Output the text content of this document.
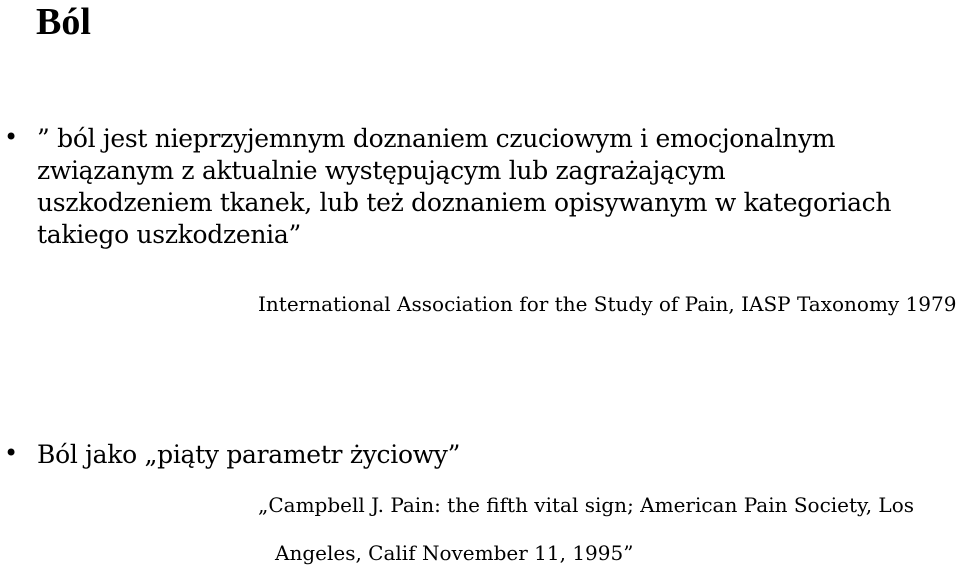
Ból
• ” ból jest nieprzyjemnym doznaniem czuciowym i emocjonalnym

związanym z aktualnie występującym lub zagrażającym

uszkodzeniem tkanek, lub też doznaniem opisywanym w kategoriach

takiego uszkodzenia”

International Association for the Study of Pain, IASP Taxonomy 1979

• Ból jako „piąty parametr życiowy”

„Campbell J. Pain: the fifth vital sign; American Pain Society, Los

Angeles, Calif November 11, 1995”
